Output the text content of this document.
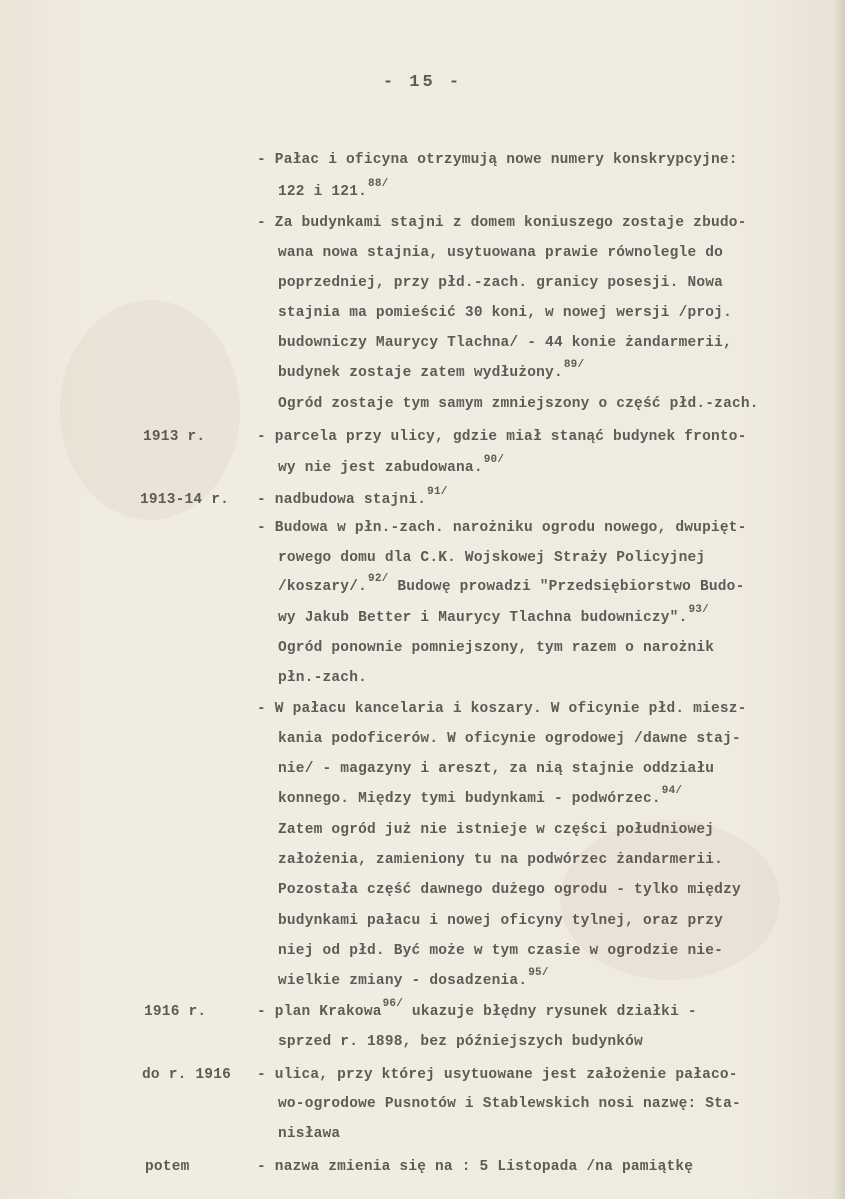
- 15 -
- Pałac i oficyna otrzymują nowe numery konskrypcyjne:
122 i 121.$^{88/}$
- Za budynkami stajni z domem koniuszego zostaje zbudo-
wana nowa stajnia, usytuowana prawie równolegle do
poprzedniej, przy płd.-zach. granicy posesji. Nowa
stajnia ma pomieścić 30 koni, w nowej wersji /proj.
budowniczy Maurycy Tlachna/ - 44 konie żandarmerii,
budynek zostaje zatem wydłużony.$^{89/}$
Ogród zostaje tym samym zmniejszony o część płd.-zach.
1913 r.	- parcela przy ulicy, gdzie miał stanąć budynek fronto-
wy nie jest zabudowana.$^{90/}$
1913-14 r. - nadbudowa stajni.$^{91/}$
- Budowa w płn.-zach. narożniku ogrodu nowego, dwupięt-
rowego domu dla C.K. Wojskowej Straży Policyjnej
/koszary/.$^{92/}$ Budowę prowadzi "Przedsiębiorstwo Budo-
wy Jakub Better i Maurycy Tlachna budowniczy".$^{93/}$
Ogród ponownie pomniejszony, tym razem o narożnik
płn.-zach.
- W pałacu kancelaria i koszary. W oficynie płd. miesz-
kania podoficerów. W oficynie ogrodowej /dawne staj-
nie/ - magazyny i areszt, za nią stajnie oddziału
konnego. Między tymi budynkami - podwórzec.$^{94/}$
Zatem ogród już nie istnieje w części południowej
założenia, zamieniony tu na podwórzec żandarmerii.
Pozostała część dawnego dużego ogrodu - tylko między
budynkami pałacu i nowej oficyny tylnej, oraz przy
niej od płd. Być może w tym czasie w ogrodzie nie-
wielkie zmiany - dosadzenia.$^{95/}$
1916 r.	- plan Krakowa$^{96/}$ ukazuje błędny rysunek działki -
sprzed r. 1898, bez późniejszych budynków
do r. 1916 - ulica, przy której usytuowane jest założenie pałaco-
wo-ogrodowe Pusnotów i Stablewskich nosi nazwę: Sta-
nisława
potem	- nazwa zmienia się na : 5 Listopada /na pamiątkę
